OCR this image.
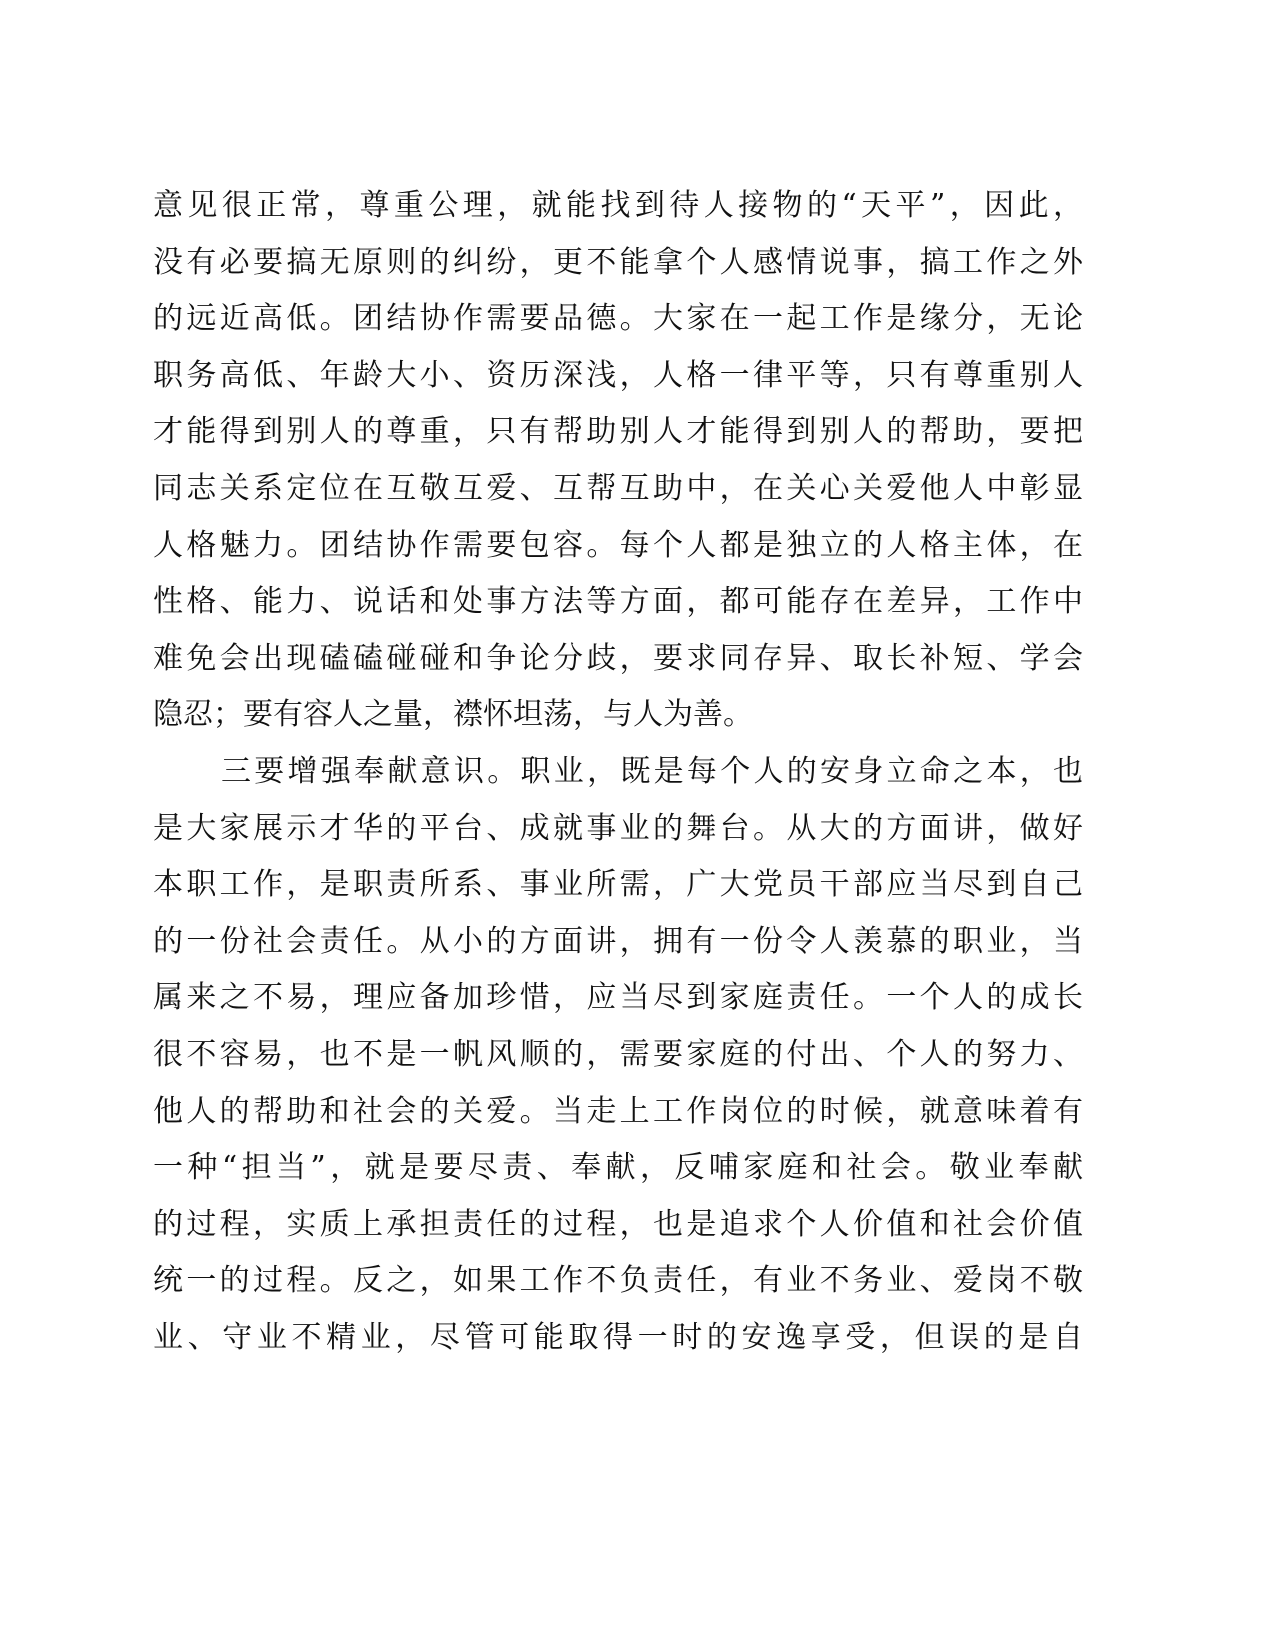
意见很正常，尊重公理，就能找到待人接物的“天平”，因此，
没有必要搞无原则的纠纷，更不能拿个人感情说事，搞工作之外
的远近高低。团结协作需要品德。大家在一起工作是缘分，无论
职务高低、年龄大小、资历深浅，人格一律平等，只有尊重别人
才能得到别人的尊重，只有帮助别人才能得到别人的帮助，要把
同志关系定位在互敬互爱、互帮互助中，在关心关爱他人中彰显
人格魅力。团结协作需要包容。每个人都是独立的人格主体，在
性格、能力、说话和处事方法等方面，都可能存在差异，工作中
难免会出现磕磕碰碰和争论分歧，要求同存异、取长补短、学会
隐忍；要有容人之量，襟怀坦荡，与人为善。
三要增强奉献意识。职业，既是每个人的安身立命之本，也
是大家展示才华的平台、成就事业的舞台。从大的方面讲，做好
本职工作，是职责所系、事业所需，广大党员干部应当尽到自己
的一份社会责任。从小的方面讲，拥有一份令人羡慕的职业，当
属来之不易，理应备加珍惜，应当尽到家庭责任。一个人的成长
很不容易，也不是一帆风顺的，需要家庭的付出、个人的努力、
他人的帮助和社会的关爱。当走上工作岗位的时候，就意味着有
一种“担当”，就是要尽责、奉献，反哺家庭和社会。敬业奉献
的过程，实质上承担责任的过程，也是追求个人价值和社会价值
统一的过程。反之，如果工作不负责任，有业不务业、爱岗不敬
业、守业不精业，尽管可能取得一时的安逸享受，但误的是自
